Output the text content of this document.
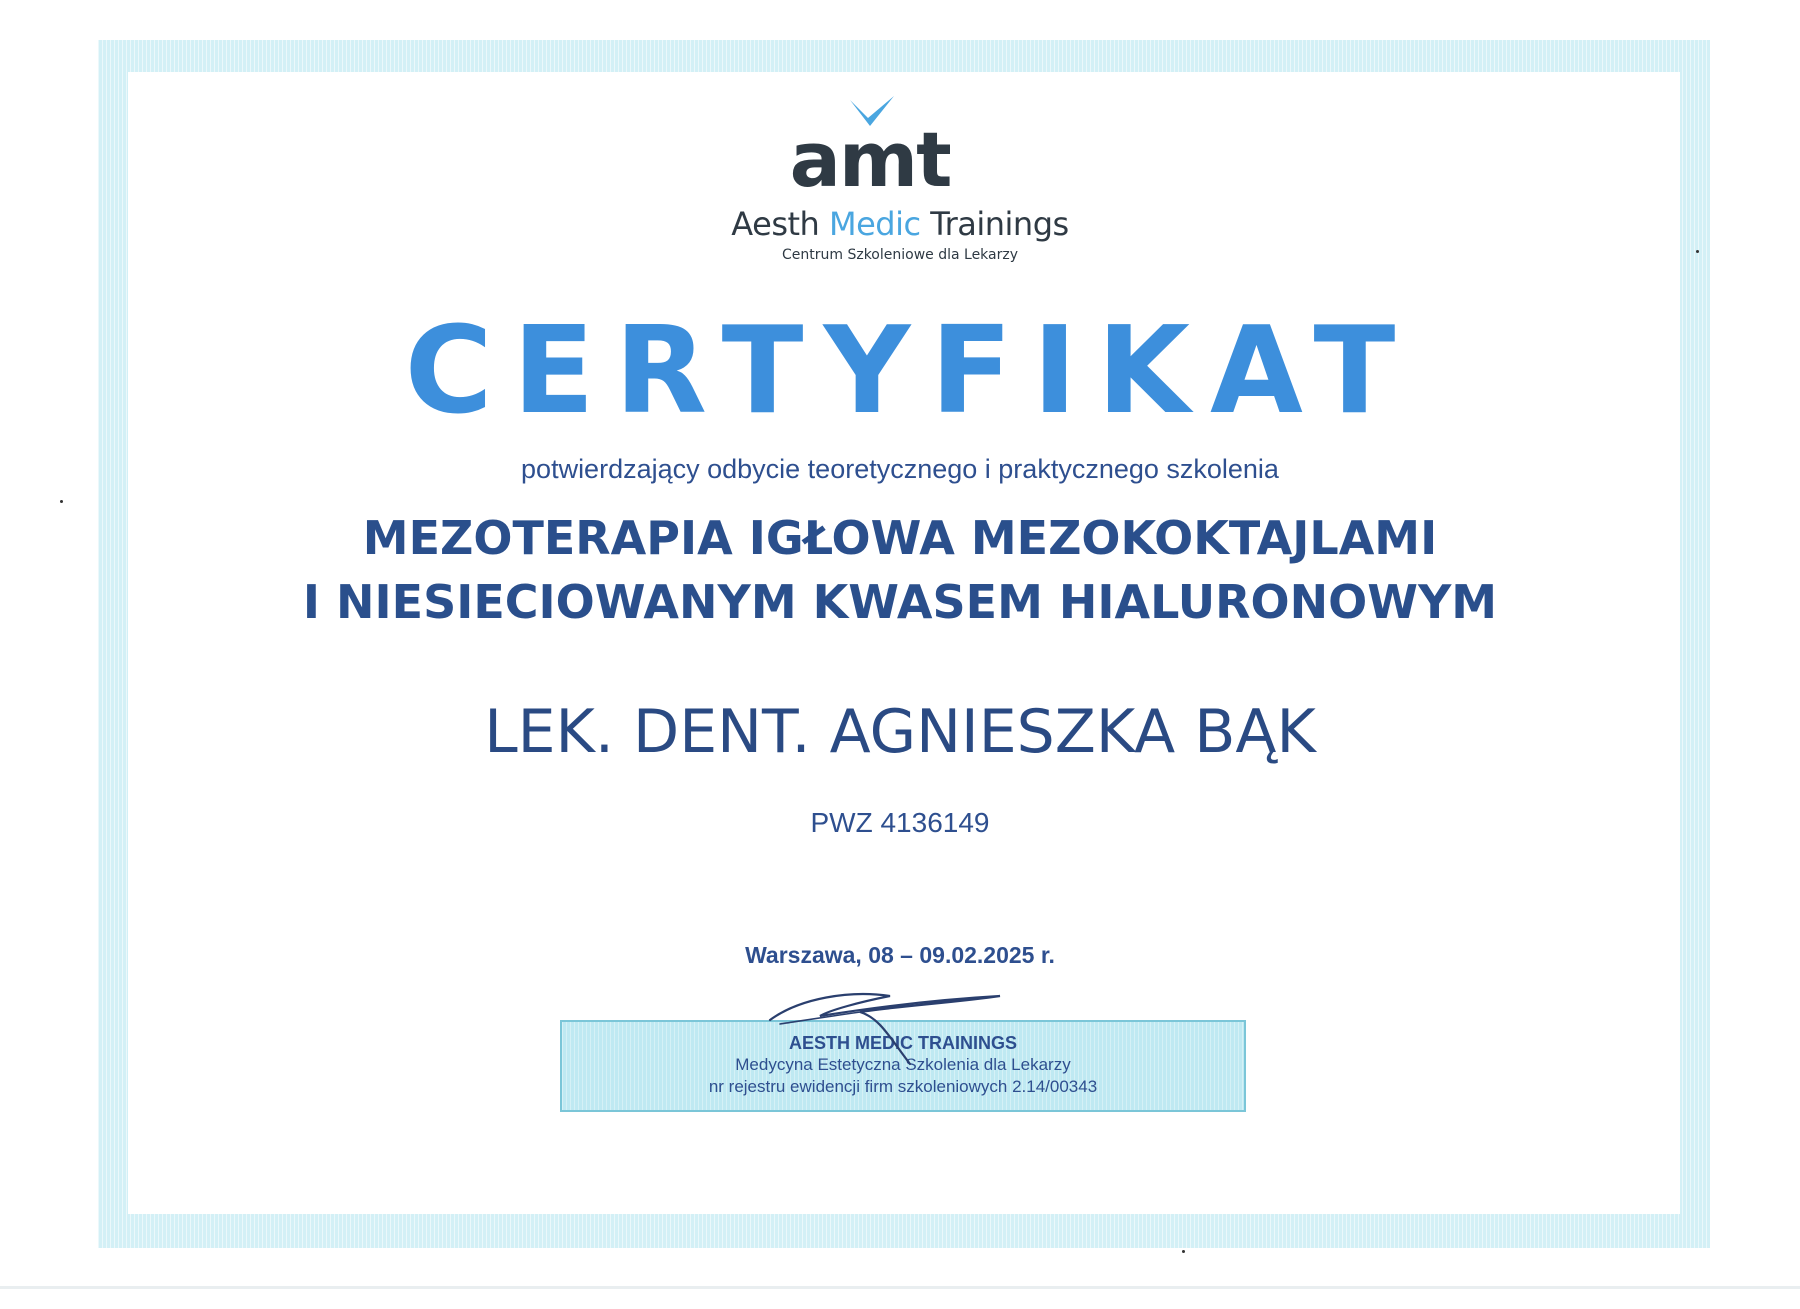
amt
Aesth Medic Trainings
Centrum Szkoleniowe dla Lekarzy
CERTYFIKAT
potwierdzający odbycie teoretycznego i praktycznego szkolenia
MEZOTERAPIA IGŁOWA MEZOKOKTAJLAMI
I NIESIECIOWANYM KWASEM HIALURONOWYM
LEK. DENT. AGNIESZKA BĄK
PWZ 4136149
Warszawa, 08 – 09.02.2025 r.
AESTH MEDIC TRAININGS
Medycyna Estetyczna Szkolenia dla Lekarzy
nr rejestru ewidencji firm szkoleniowych 2.14/00343
